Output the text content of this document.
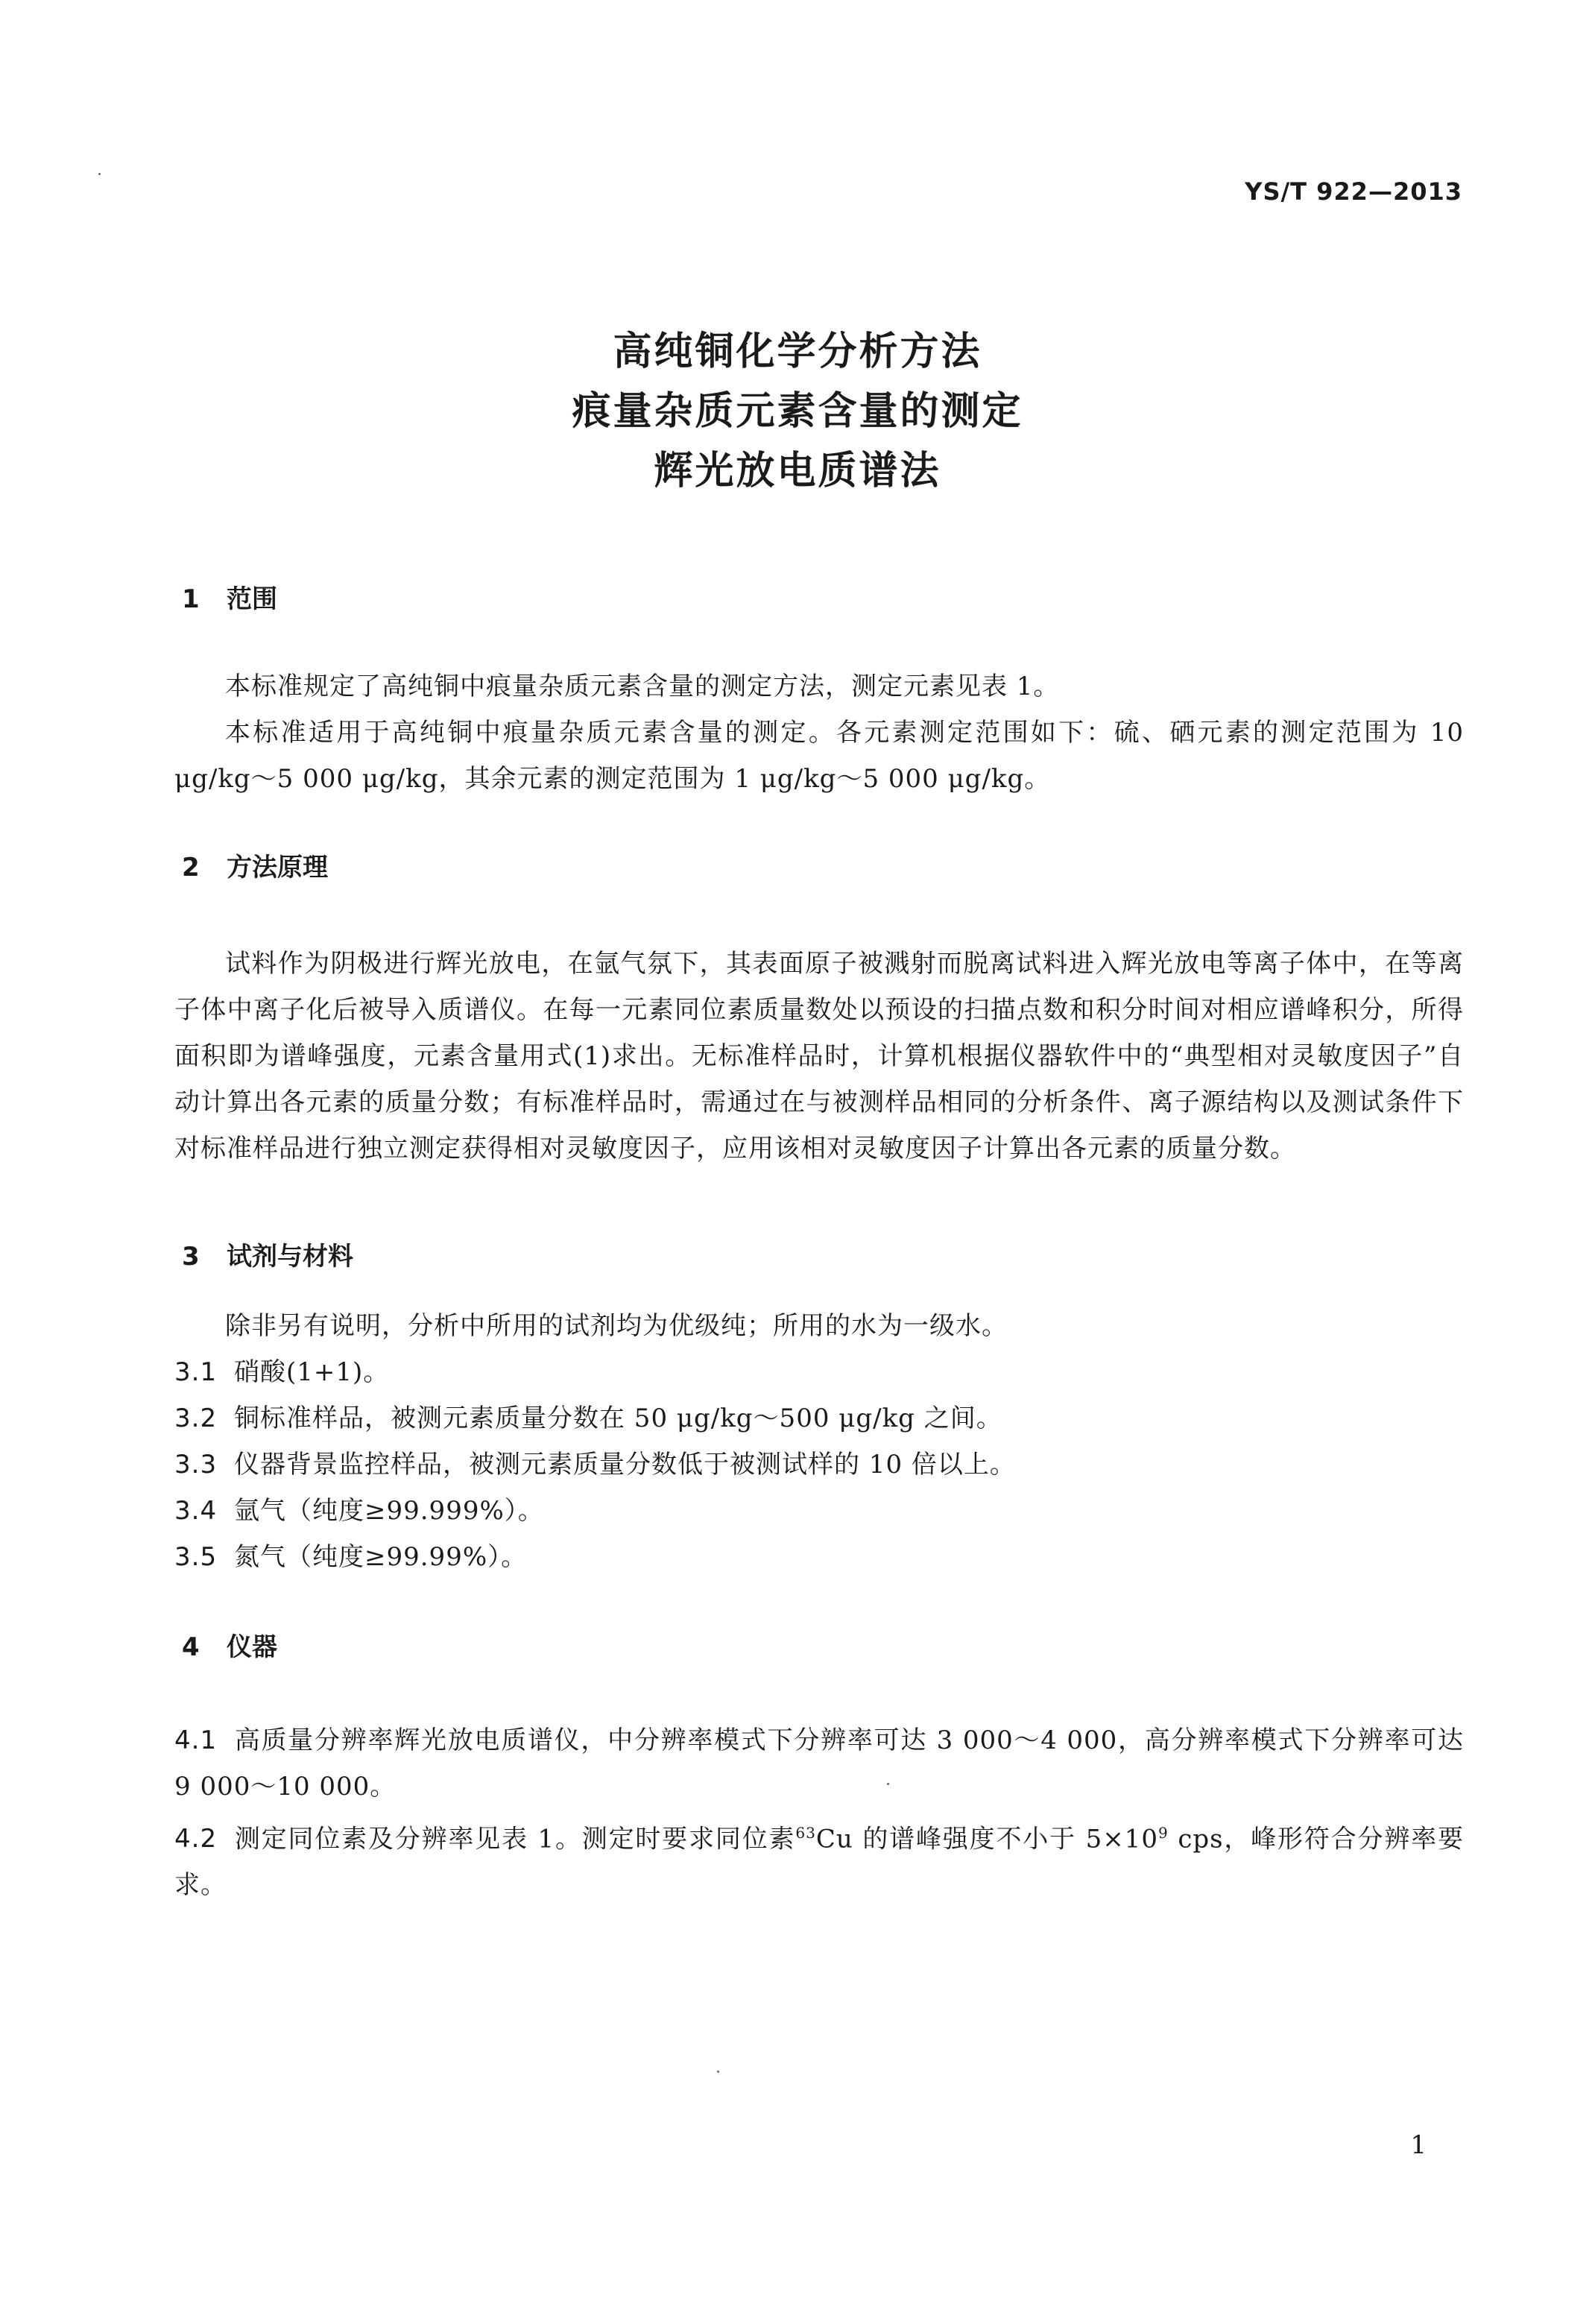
YS/T 922—2013
高纯铜化学分析方法
痕量杂质元素含量的测定
辉光放电质谱法
1 范围
本标准规定了高纯铜中痕量杂质元素含量的测定方法，测定元素见表 1。
本标准适用于高纯铜中痕量杂质元素含量的测定。各元素测定范围如下：硫、硒元素的测定范围为 10 μg/kg～5 000 μg/kg，其余元素的测定范围为 1 μg/kg～5 000 μg/kg。
2 方法原理
试料作为阴极进行辉光放电，在氩气氛下，其表面原子被溅射而脱离试料进入辉光放电等离子体中，在等离子体中离子化后被导入质谱仪。在每一元素同位素质量数处以预设的扫描点数和积分时间对相应谱峰积分，所得面积即为谱峰强度，元素含量用式(1)求出。无标准样品时，计算机根据仪器软件中的“典型相对灵敏度因子”自动计算出各元素的质量分数；有标准样品时，需通过在与被测样品相同的分析条件、离子源结构以及测试条件下对标准样品进行独立测定获得相对灵敏度因子，应用该相对灵敏度因子计算出各元素的质量分数。
3 试剂与材料
除非另有说明，分析中所用的试剂均为优级纯；所用的水为一级水。
3.1 硝酸(1+1)。
3.2 铜标准样品，被测元素质量分数在 50 μg/kg～500 μg/kg 之间。
3.3 仪器背景监控样品，被测元素质量分数低于被测试样的 10 倍以上。
3.4 氩气（纯度≥99.999%）。
3.5 氮气（纯度≥99.99%）。
4 仪器
4.1 高质量分辨率辉光放电质谱仪，中分辨率模式下分辨率可达 3 000～4 000，高分辨率模式下分辨率可达 9 000～10 000。
4.2 测定同位素及分辨率见表 1。测定时要求同位素$^{63}$Cu 的谱峰强度不小于 $5\times 10^9$ cps，峰形符合分辨率要求。
1
